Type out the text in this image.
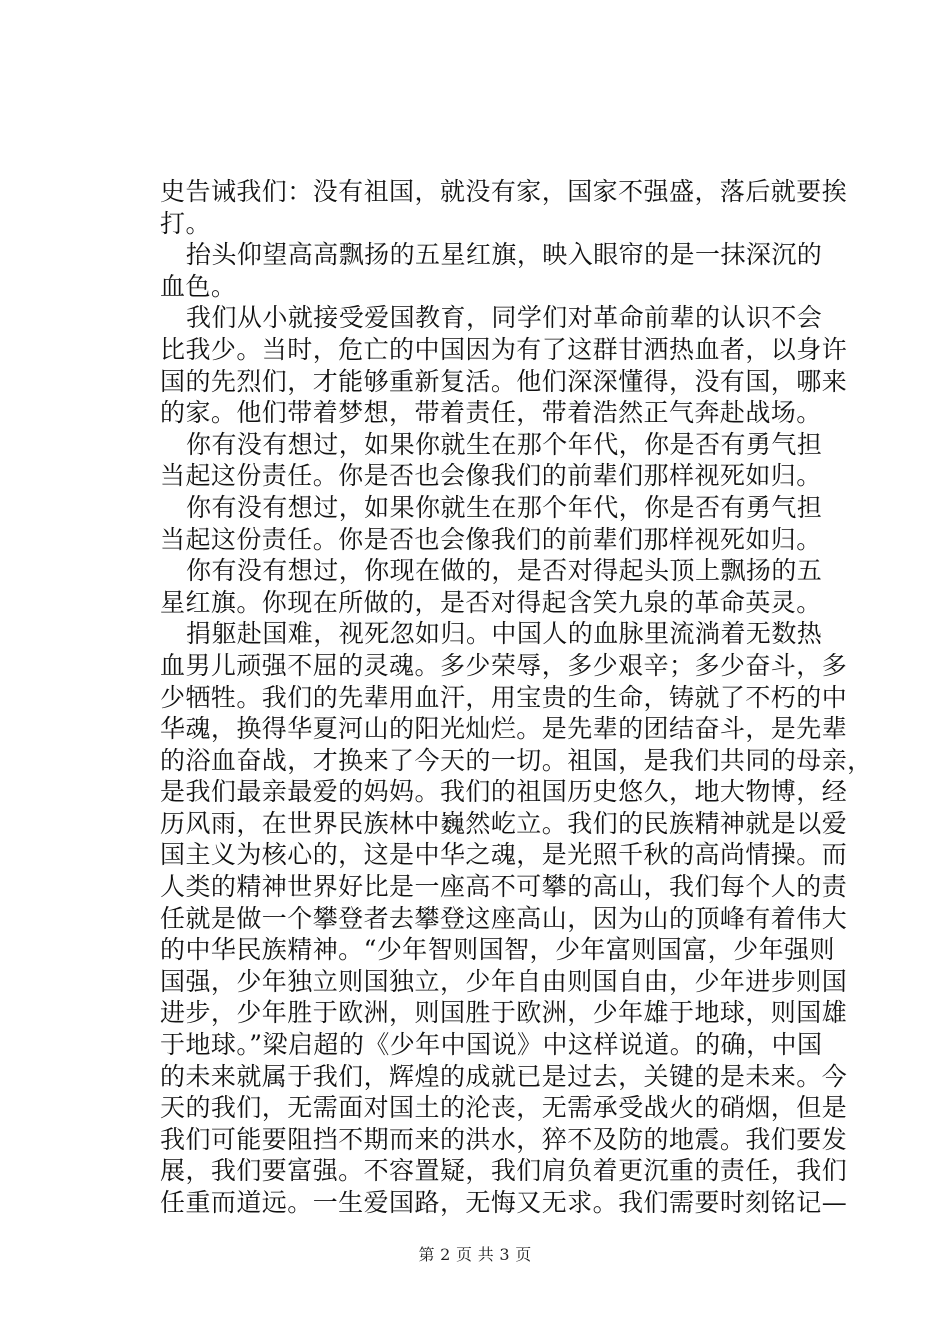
史告诫我们：没有祖国，就没有家，国家不强盛，落后就要挨
打。
抬头仰望高高飘扬的五星红旗，映入眼帘的是一抹深沉的
血色。
我们从小就接受爱国教育，同学们对革命前辈的认识不会
比我少。当时，危亡的中国因为有了这群甘洒热血者，以身许
国的先烈们，才能够重新复活。他们深深懂得，没有国，哪来
的家。他们带着梦想，带着责任，带着浩然正气奔赴战场。
你有没有想过，如果你就生在那个年代，你是否有勇气担
当起这份责任。你是否也会像我们的前辈们那样视死如归。
你有没有想过，如果你就生在那个年代，你是否有勇气担
当起这份责任。你是否也会像我们的前辈们那样视死如归。
你有没有想过，你现在做的，是否对得起头顶上飘扬的五
星红旗。你现在所做的，是否对得起含笑九泉的革命英灵。
捐躯赴国难，视死忽如归。中国人的血脉里流淌着无数热
血男儿顽强不屈的灵魂。多少荣辱，多少艰辛；多少奋斗，多
少牺牲。我们的先辈用血汗，用宝贵的生命，铸就了不朽的中
华魂，换得华夏河山的阳光灿烂。是先辈的团结奋斗，是先辈
的浴血奋战，才换来了今天的一切。祖国，是我们共同的母亲，
是我们最亲最爱的妈妈。我们的祖国历史悠久，地大物博，经
历风雨，在世界民族林中巍然屹立。我们的民族精神就是以爱
国主义为核心的，这是中华之魂，是光照千秋的高尚情操。而
人类的精神世界好比是一座高不可攀的高山，我们每个人的责
任就是做一个攀登者去攀登这座高山，因为山的顶峰有着伟大
的中华民族精神。“少年智则国智，少年富则国富，少年强则
国强，少年独立则国独立，少年自由则国自由，少年进步则国
进步，少年胜于欧洲，则国胜于欧洲，少年雄于地球，则国雄
于地球。”梁启超的《少年中国说》中这样说道。的确，中国
的未来就属于我们，辉煌的成就已是过去，关键的是未来。今
天的我们，无需面对国土的沦丧，无需承受战火的硝烟，但是
我们可能要阻挡不期而来的洪水，猝不及防的地震。我们要发
展，我们要富强。不容置疑，我们肩负着更沉重的责任，我们
任重而道远。一生爱国路，无悔又无求。我们需要时刻铭记—
第 2 页 共 3 页
